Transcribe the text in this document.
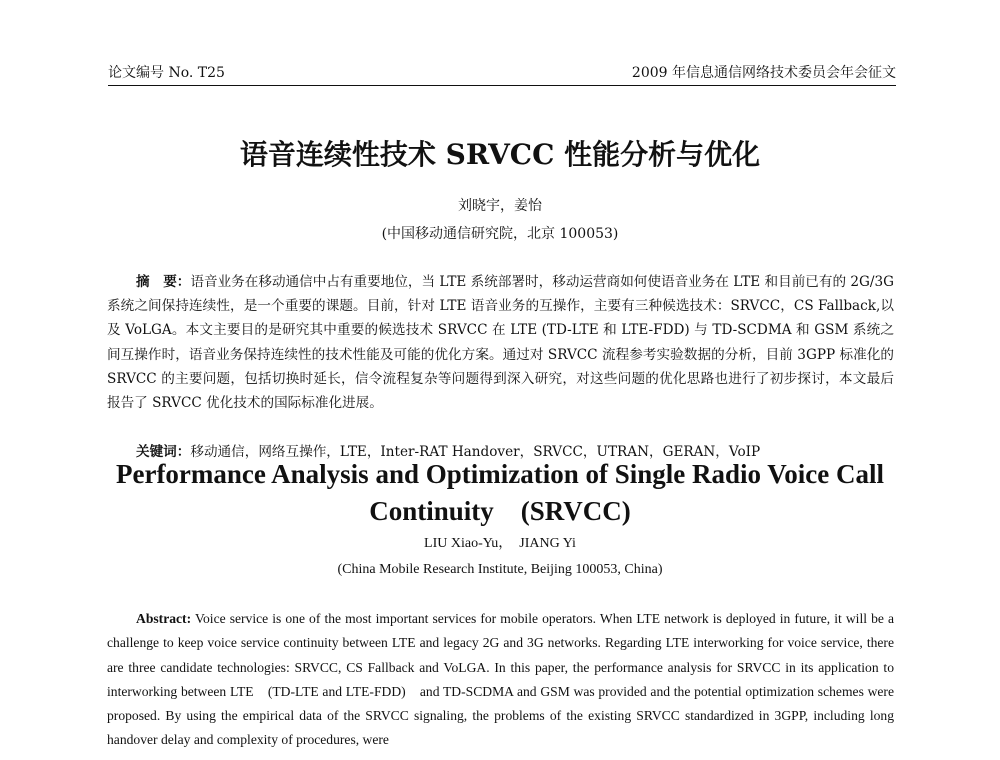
论文编号 No. T25	2009 年信息通信网络技术委员会年会征文
语音连续性技术 SRVCC 性能分析与优化
刘晓宇，姜怡
(中国移动通信研究院，北京 100053)

摘　要：语音业务在移动通信中占有重要地位，当 LTE 系统部署时，移动运营商如何使语音业务在 LTE 和目前已有的 2G/3G 系统之间保持连续性，是一个重要的课题。目前，针对 LTE 语音业务的互操作，主要有三种候选技术：SRVCC，CS Fallback,以及 VoLGA。本文主要目的是研究其中重要的候选技术 SRVCC 在 LTE (TD-LTE 和 LTE-FDD) 与 TD-SCDMA 和 GSM 系统之间互操作时，语音业务保持连续性的技术性能及可能的优化方案。通过对 SRVCC 流程参考实验数据的分析，目前 3GPP 标准化的 SRVCC 的主要问题，包括切换时延长，信令流程复杂等问题得到深入研究，对这些问题的优化思路也进行了初步探讨，本文最后报告了 SRVCC 优化技术的国际标准化进展。

关键词：移动通信，网络互操作，LTE，Inter-RAT Handover，SRVCC，UTRAN，GERAN，VoIP

Performance Analysis and Optimization of Single Radio Voice Call
Continuity　(SRVCC)
LIU Xiao-Yu，　JIANG Yi
(China Mobile Research Institute, Beijing 100053, China)

Abstract: Voice service is one of the most important services for mobile operators. When LTE network is deployed in future, it will be a challenge to keep voice service continuity between LTE and legacy 2G and 3G networks. Regarding LTE interworking for voice service, there are three candidate technologies: SRVCC, CS Fallback and VoLGA. In this paper, the performance analysis for SRVCC in its application to interworking between LTE　(TD-LTE and LTE-FDD)　and TD-SCDMA and GSM was provided and the potential optimization schemes were proposed. By using the empirical data of the SRVCC signaling, the problems of the existing SRVCC standardized in 3GPP, including long handover delay and complexity of procedures, were
